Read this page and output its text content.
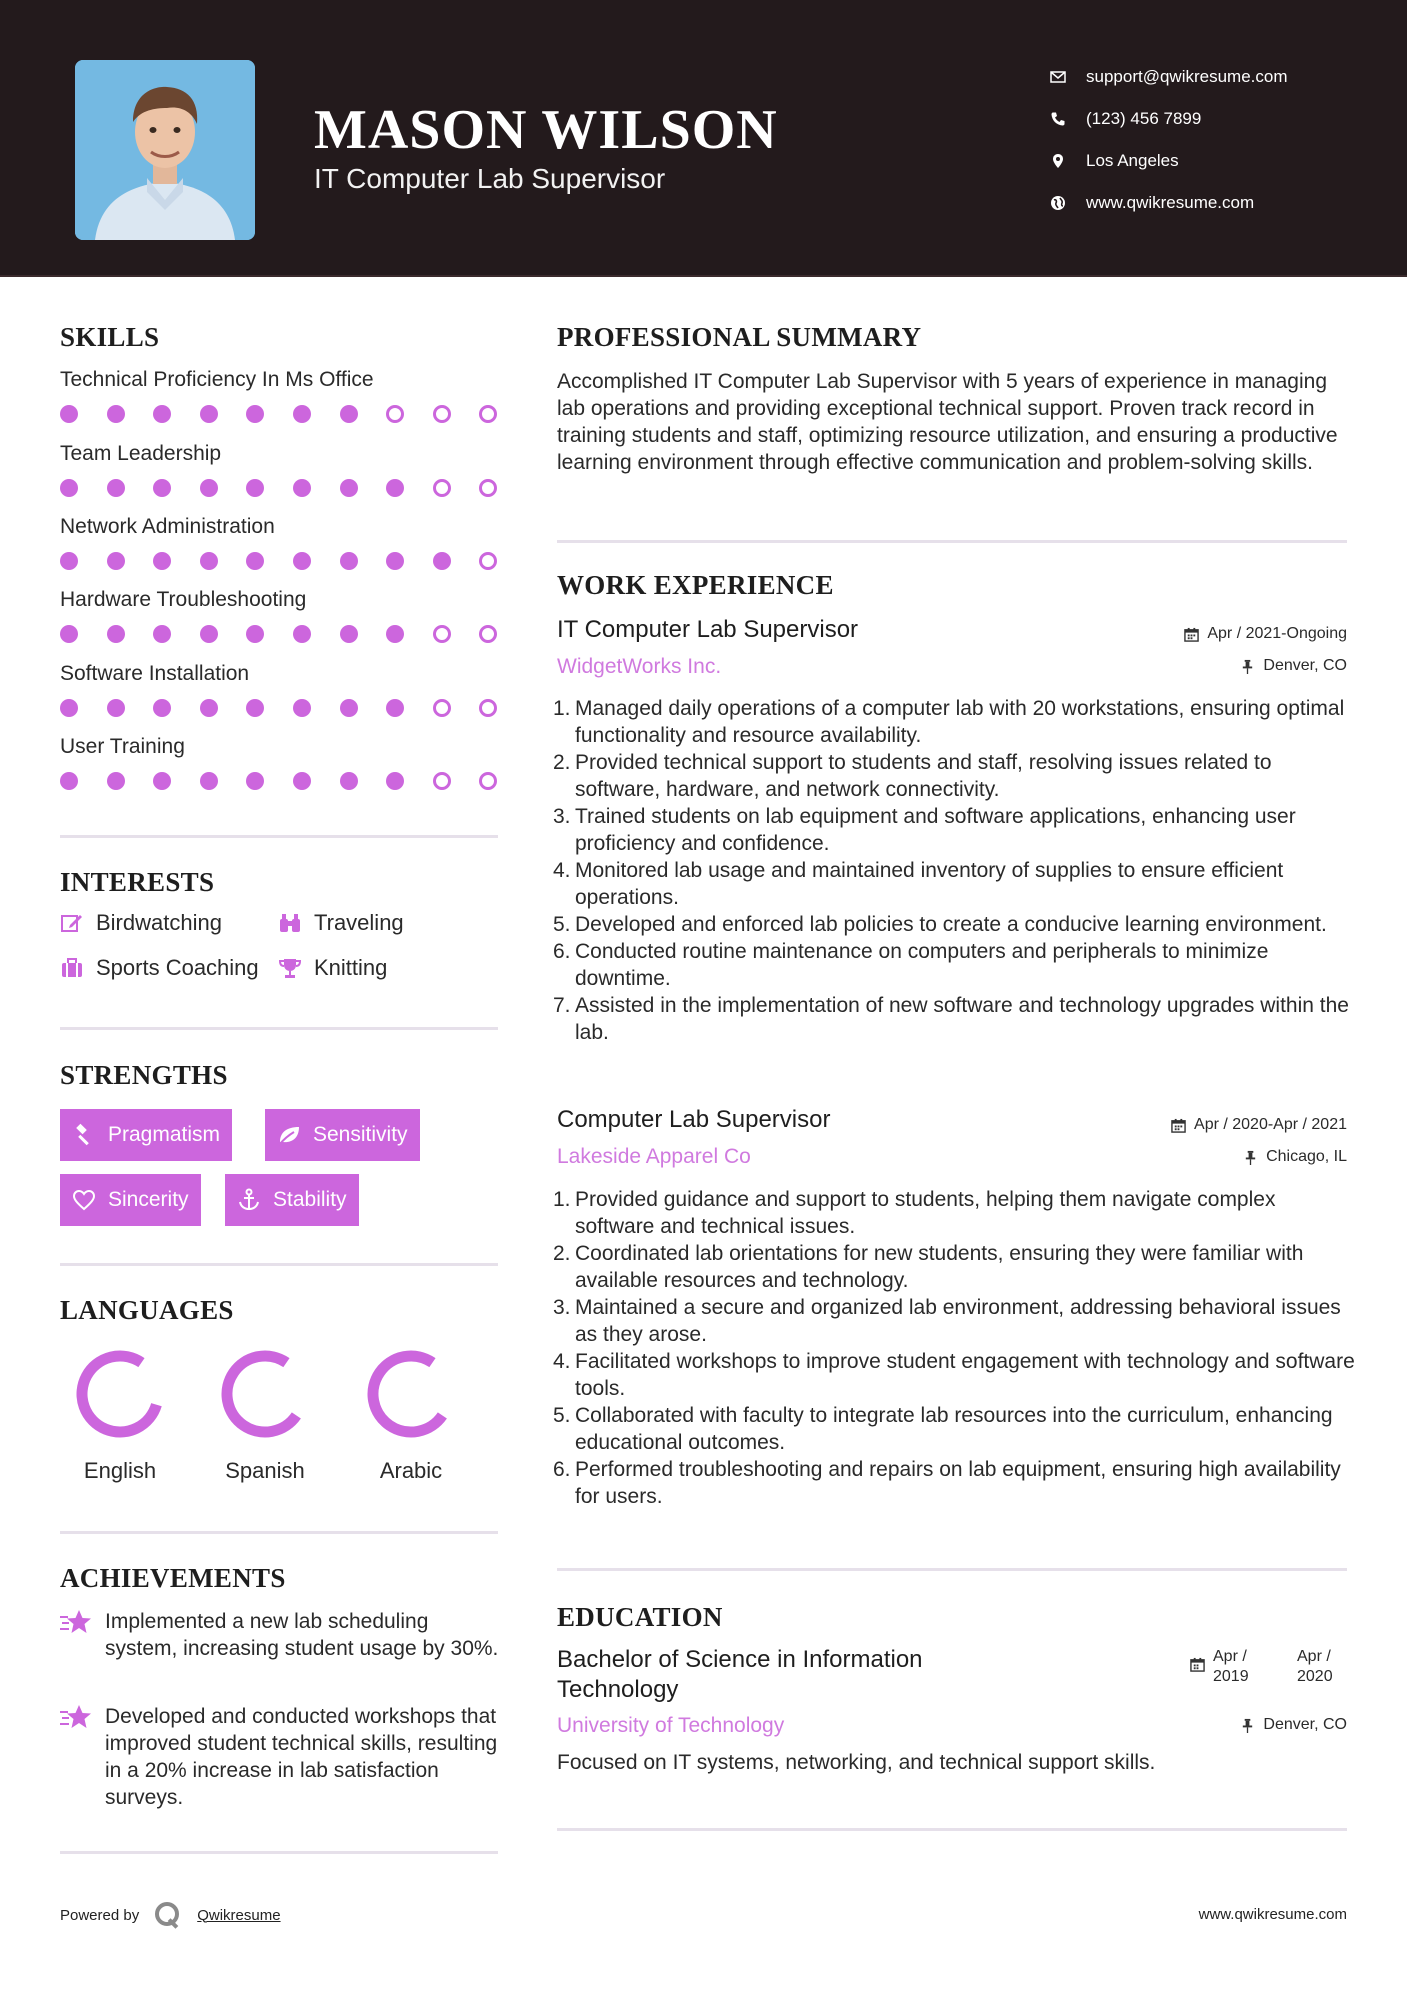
MASON WILSON
IT Computer Lab Supervisor
support@qwikresume.com
(123) 456 7899
Los Angeles
www.qwikresume.com
SKILLS
Technical Proficiency In Ms Office
Team Leadership
Network Administration
Hardware Troubleshooting
Software Installation
User Training
INTERESTS
Birdwatching	Traveling
Sports Coaching	Knitting
STRENGTHS
Pragmatism	Sensitivity
Sincerity	Stability
LANGUAGES
English	Spanish	Arabic
ACHIEVEMENTS
Implemented a new lab scheduling system, increasing student usage by 30%.
Developed and conducted workshops that improved student technical skills, resulting in a 20% increase in lab satisfaction surveys.
PROFESSIONAL SUMMARY
Accomplished IT Computer Lab Supervisor with 5 years of experience in managing lab operations and providing exceptional technical support. Proven track record in training students and staff, optimizing resource utilization, and ensuring a productive learning environment through effective communication and problem-solving skills.
WORK EXPERIENCE
IT Computer Lab Supervisor	Apr / 2021-Ongoing
WidgetWorks Inc.	Denver, CO
1. Managed daily operations of a computer lab with 20 workstations, ensuring optimal functionality and resource availability.
2. Provided technical support to students and staff, resolving issues related to software, hardware, and network connectivity.
3. Trained students on lab equipment and software applications, enhancing user proficiency and confidence.
4. Monitored lab usage and maintained inventory of supplies to ensure efficient operations.
5. Developed and enforced lab policies to create a conducive learning environment.
6. Conducted routine maintenance on computers and peripherals to minimize downtime.
7. Assisted in the implementation of new software and technology upgrades within the lab.
Computer Lab Supervisor	Apr / 2020-Apr / 2021
Lakeside Apparel Co	Chicago, IL
1. Provided guidance and support to students, helping them navigate complex software and technical issues.
2. Coordinated lab orientations for new students, ensuring they were familiar with available resources and technology.
3. Maintained a secure and organized lab environment, addressing behavioral issues as they arose.
4. Facilitated workshops to improve student engagement with technology and software tools.
5. Collaborated with faculty to integrate lab resources into the curriculum, enhancing educational outcomes.
6. Performed troubleshooting and repairs on lab equipment, ensuring high availability for users.
EDUCATION
Bachelor of Science in Information Technology
Apr / 2019
Apr / 2020
University of Technology	Denver, CO
Focused on IT systems, networking, and technical support skills.
Powered by	Qwikresume	www.qwikresume.com
